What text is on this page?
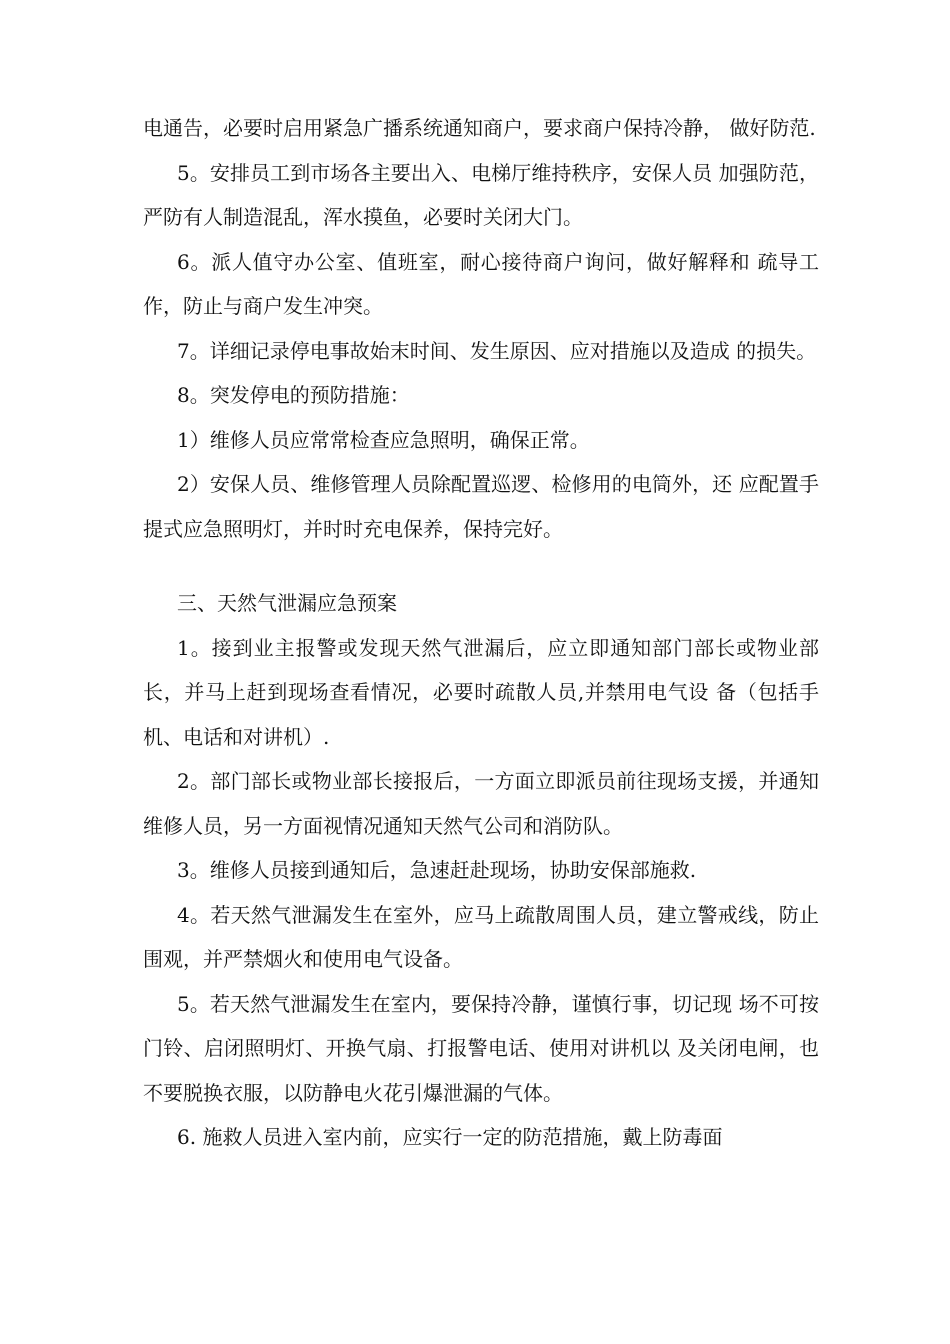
电通告，必要时启用紧急广播系统通知商户，要求商户保持冷静， 做好防范.

5。安排员工到市场各主要出入、电梯厅维持秩序，安保人员 加强防范，严防有人制造混乱，浑水摸鱼，必要时关闭大门。

6。派人值守办公室、值班室，耐心接待商户询问，做好解释和 疏导工作，防止与商户发生冲突。

7。详细记录停电事故始末时间、发生原因、应对措施以及造成 的损失。

8。突发停电的预防措施：

1）维修人员应常常检查应急照明，确保正常。

2）安保人员、维修管理人员除配置巡逻、检修用的电筒外，还 应配置手提式应急照明灯，并时时充电保养，保持完好。

三、天然气泄漏应急预案

1。接到业主报警或发现天然气泄漏后，应立即通知部门部长或物业部长，并马上赶到现场查看情况，必要时疏散人员,并禁用电气设 备（包括手机、电话和对讲机）.

2。部门部长或物业部长接报后，一方面立即派员前往现场支援，并通知维修人员，另一方面视情况通知天然气公司和消防队。

3。维修人员接到通知后，急速赶赴现场，协助安保部施救.

4。若天然气泄漏发生在室外，应马上疏散周围人员，建立警戒线，防止围观，并严禁烟火和使用电气设备。

5。若天然气泄漏发生在室内，要保持冷静，谨慎行事，切记现 场不可按门铃、启闭照明灯、开换气扇、打报警电话、使用对讲机以 及关闭电闸，也不要脱换衣服，以防静电火花引爆泄漏的气体。

6. 施救人员进入室内前，应实行一定的防范措施，戴上防毒面
